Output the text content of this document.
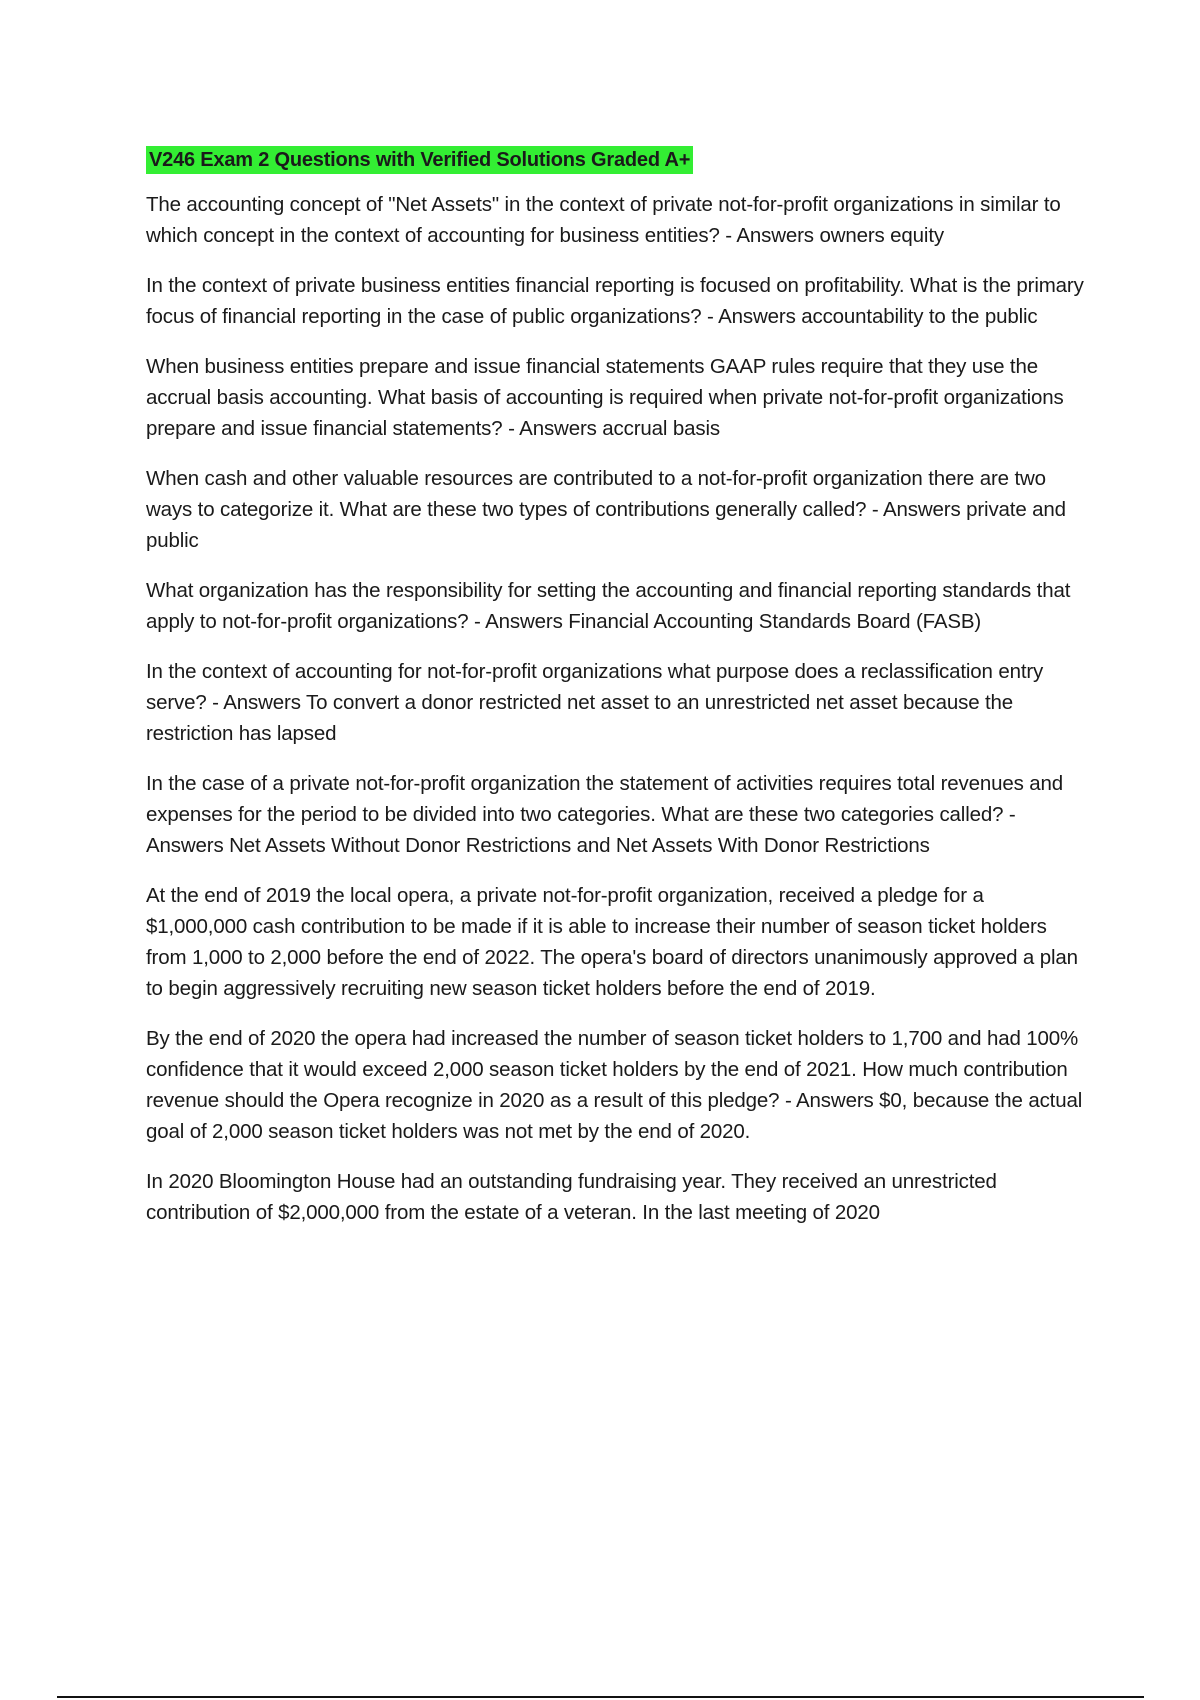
V246 Exam 2 Questions with Verified Solutions Graded A+

The accounting concept of "Net Assets" in the context of private not-for-profit organizations in similar to which concept in the context of accounting for business entities? - Answers owners equity

In the context of private business entities financial reporting is focused on profitability. What is the primary focus of financial reporting in the case of public organizations? - Answers accountability to the public

When business entities prepare and issue financial statements GAAP rules require that they use the accrual basis accounting. What basis of accounting is required when private not-for-profit organizations prepare and issue financial statements? - Answers accrual basis

When cash and other valuable resources are contributed to a not-for-profit organization there are two ways to categorize it. What are these two types of contributions generally called? - Answers private and public

What organization has the responsibility for setting the accounting and financial reporting standards that apply to not-for-profit organizations? - Answers Financial Accounting Standards Board (FASB)

In the context of accounting for not-for-profit organizations what purpose does a reclassification entry serve? - Answers To convert a donor restricted net asset to an unrestricted net asset because the restriction has lapsed

In the case of a private not-for-profit organization the statement of activities requires total revenues and expenses for the period to be divided into two categories. What are these two categories called? - Answers Net Assets Without Donor Restrictions and Net Assets With Donor Restrictions

At the end of 2019 the local opera, a private not-for-profit organization, received a pledge for a $1,000,000 cash contribution to be made if it is able to increase their number of season ticket holders from 1,000 to 2,000 before the end of 2022. The opera's board of directors unanimously approved a plan to begin aggressively recruiting new season ticket holders before the end of 2019.

By the end of 2020 the opera had increased the number of season ticket holders to 1,700 and had 100% confidence that it would exceed 2,000 season ticket holders by the end of 2021. How much contribution revenue should the Opera recognize in 2020 as a result of this pledge? - Answers $0, because the actual goal of 2,000 season ticket holders was not met by the end of 2020.

In 2020 Bloomington House had an outstanding fundraising year. They received an unrestricted contribution of $2,000,000 from the estate of a veteran. In the last meeting of 2020
